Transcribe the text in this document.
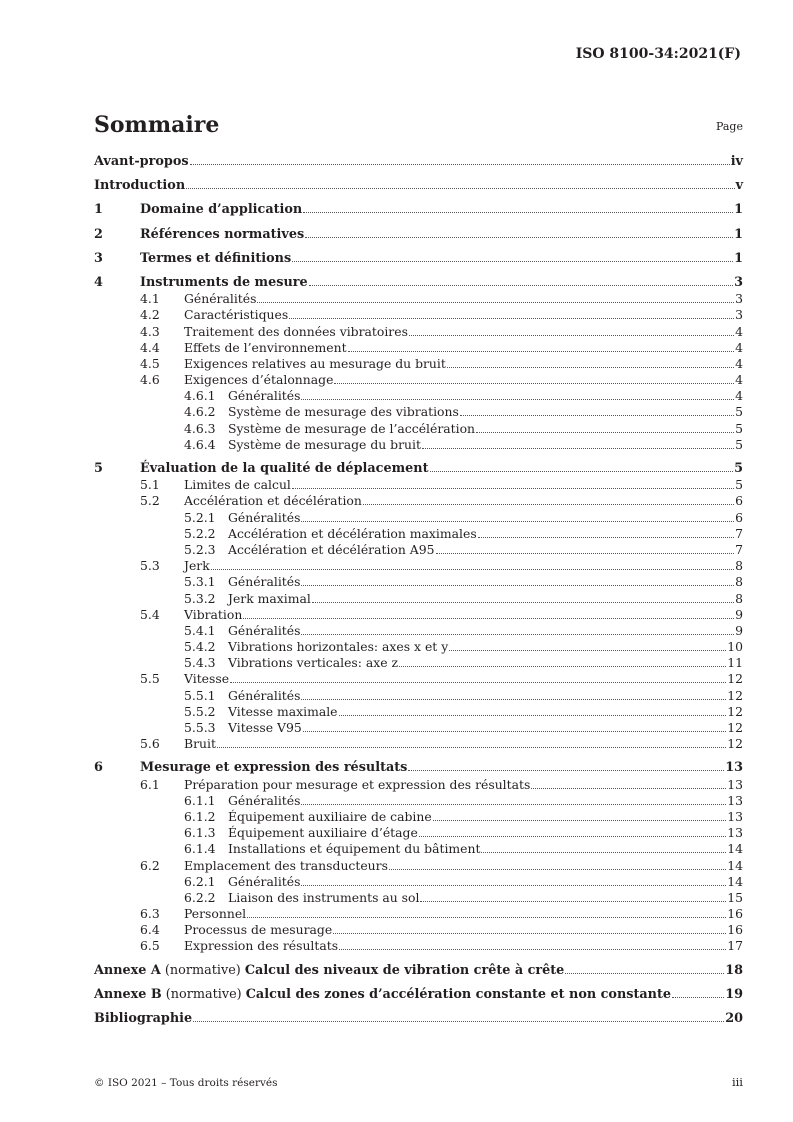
ISO 8100-34:2021(F)
Sommaire	Page
Avant-propos	iv
Introduction	v
1	Domaine d’application	1
2	Références normatives	1
3	Termes et définitions	1
4	Instruments de mesure	3
4.1	Généralités	3
4.2	Caractéristiques	3
4.3	Traitement des données vibratoires	4
4.4	Effets de l’environnement	4
4.5	Exigences relatives au mesurage du bruit	4
4.6	Exigences d’étalonnage	4
4.6.1	Généralités	4
4.6.2	Système de mesurage des vibrations	5
4.6.3	Système de mesurage de l’accélération	5
4.6.4	Système de mesurage du bruit	5
5	Évaluation de la qualité de déplacement	5
5.1	Limites de calcul	5
5.2	Accélération et décélération	6
5.2.1	Généralités	6
5.2.2	Accélération et décélération maximales	7
5.2.3	Accélération et décélération A95	7
5.3	Jerk	8
5.3.1	Généralités	8
5.3.2	Jerk maximal	8
5.4	Vibration	9
5.4.1	Généralités	9
5.4.2	Vibrations horizontales: axes x et y	10
5.4.3	Vibrations verticales: axe z	11
5.5	Vitesse	12
5.5.1	Généralités	12
5.5.2	Vitesse maximale	12
5.5.3	Vitesse V95	12
5.6	Bruit	12
6	Mesurage et expression des résultats	13
6.1	Préparation pour mesurage et expression des résultats	13
6.1.1	Généralités	13
6.1.2	Équipement auxiliaire de cabine	13
6.1.3	Équipement auxiliaire d’étage	13
6.1.4	Installations et équipement du bâtiment	14
6.2	Emplacement des transducteurs	14
6.2.1	Généralités	14
6.2.2	Liaison des instruments au sol	15
6.3	Personnel	16
6.4	Processus de mesurage	16
6.5	Expression des résultats	17
Annexe A (normative) Calcul des niveaux de vibration crête à crête	18
Annexe B (normative) Calcul des zones d’accélération constante et non constante	19
Bibliographie	20
© ISO 2021 – Tous droits réservés	iii
